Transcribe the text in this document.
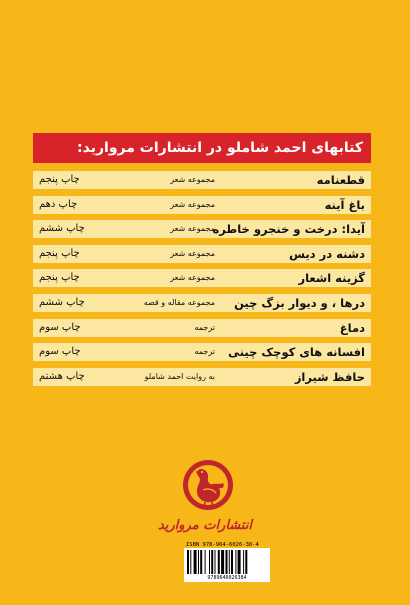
کتابهای احمد شاملو در انتشارات مروارید:
قطعنامه
مجموعه شعر
چاپ پنجم
باغ آینه
مجموعه شعر
چاپ دهم
آیدا: درخت و خنجرو خاطره
مجموعه شعر
چاپ ششم
دشنه در دیس
مجموعه شعر
چاپ پنجم
گزینه اشعار
مجموعه شعر
چاپ پنجم
درها ، و دیوار بزگ چین
مجموعه مقاله و قصه
چاپ ششم
دماغ
ترجمه
چاپ سوم
افسانه های کوچک چینی
ترجمه
چاپ سوم
حافظ شیراز
به روایت احمد شاملو
چاپ هشتم
انتشارات مروارید
ISBN 978-964-6026-38-4
9789646026384
